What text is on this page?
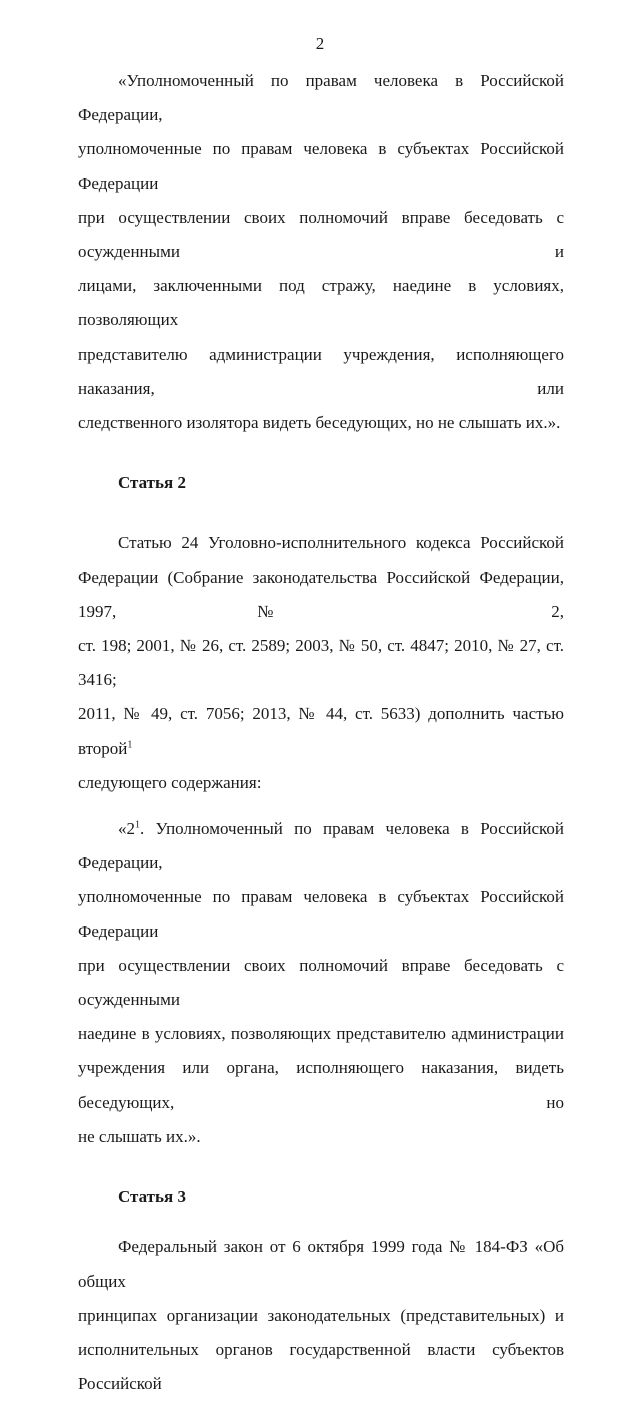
2

«Уполномоченный по правам человека в Российской Федерации,

уполномоченные по правам человека в субъектах Российской Федерации

при осуществлении своих полномочий вправе беседовать с осужденными и

лицами, заключенными под стражу, наедине в условиях, позволяющих

представителю администрации учреждения, исполняющего наказания, или

следственного изолятора видеть беседующих, но не слышать их.».

Статья 2

Статью 24 Уголовно-исполнительного кодекса Российской

Федерации (Собрание законодательства Российской Федерации, 1997, № 2,

ст. 198; 2001, № 26, ст. 2589; 2003, № 50, ст. 4847; 2010, № 27, ст. 3416;

2011, № 49, ст. 7056; 2013, № 44, ст. 5633) дополнить частью второй$^1$

следующего содержания:

«$2^1$. Уполномоченный по правам человека в Российской Федерации,

уполномоченные по правам человека в субъектах Российской Федерации

при осуществлении своих полномочий вправе беседовать с осужденными

наедине в условиях, позволяющих представителю администрации

учреждения или органа, исполняющего наказания, видеть беседующих, но

не слышать их.».

Статья 3

Федеральный закон от 6 октября 1999 года № 184-ФЗ «Об общих

принципах организации законодательных (представительных) и

исполнительных органов государственной власти субъектов Российской
